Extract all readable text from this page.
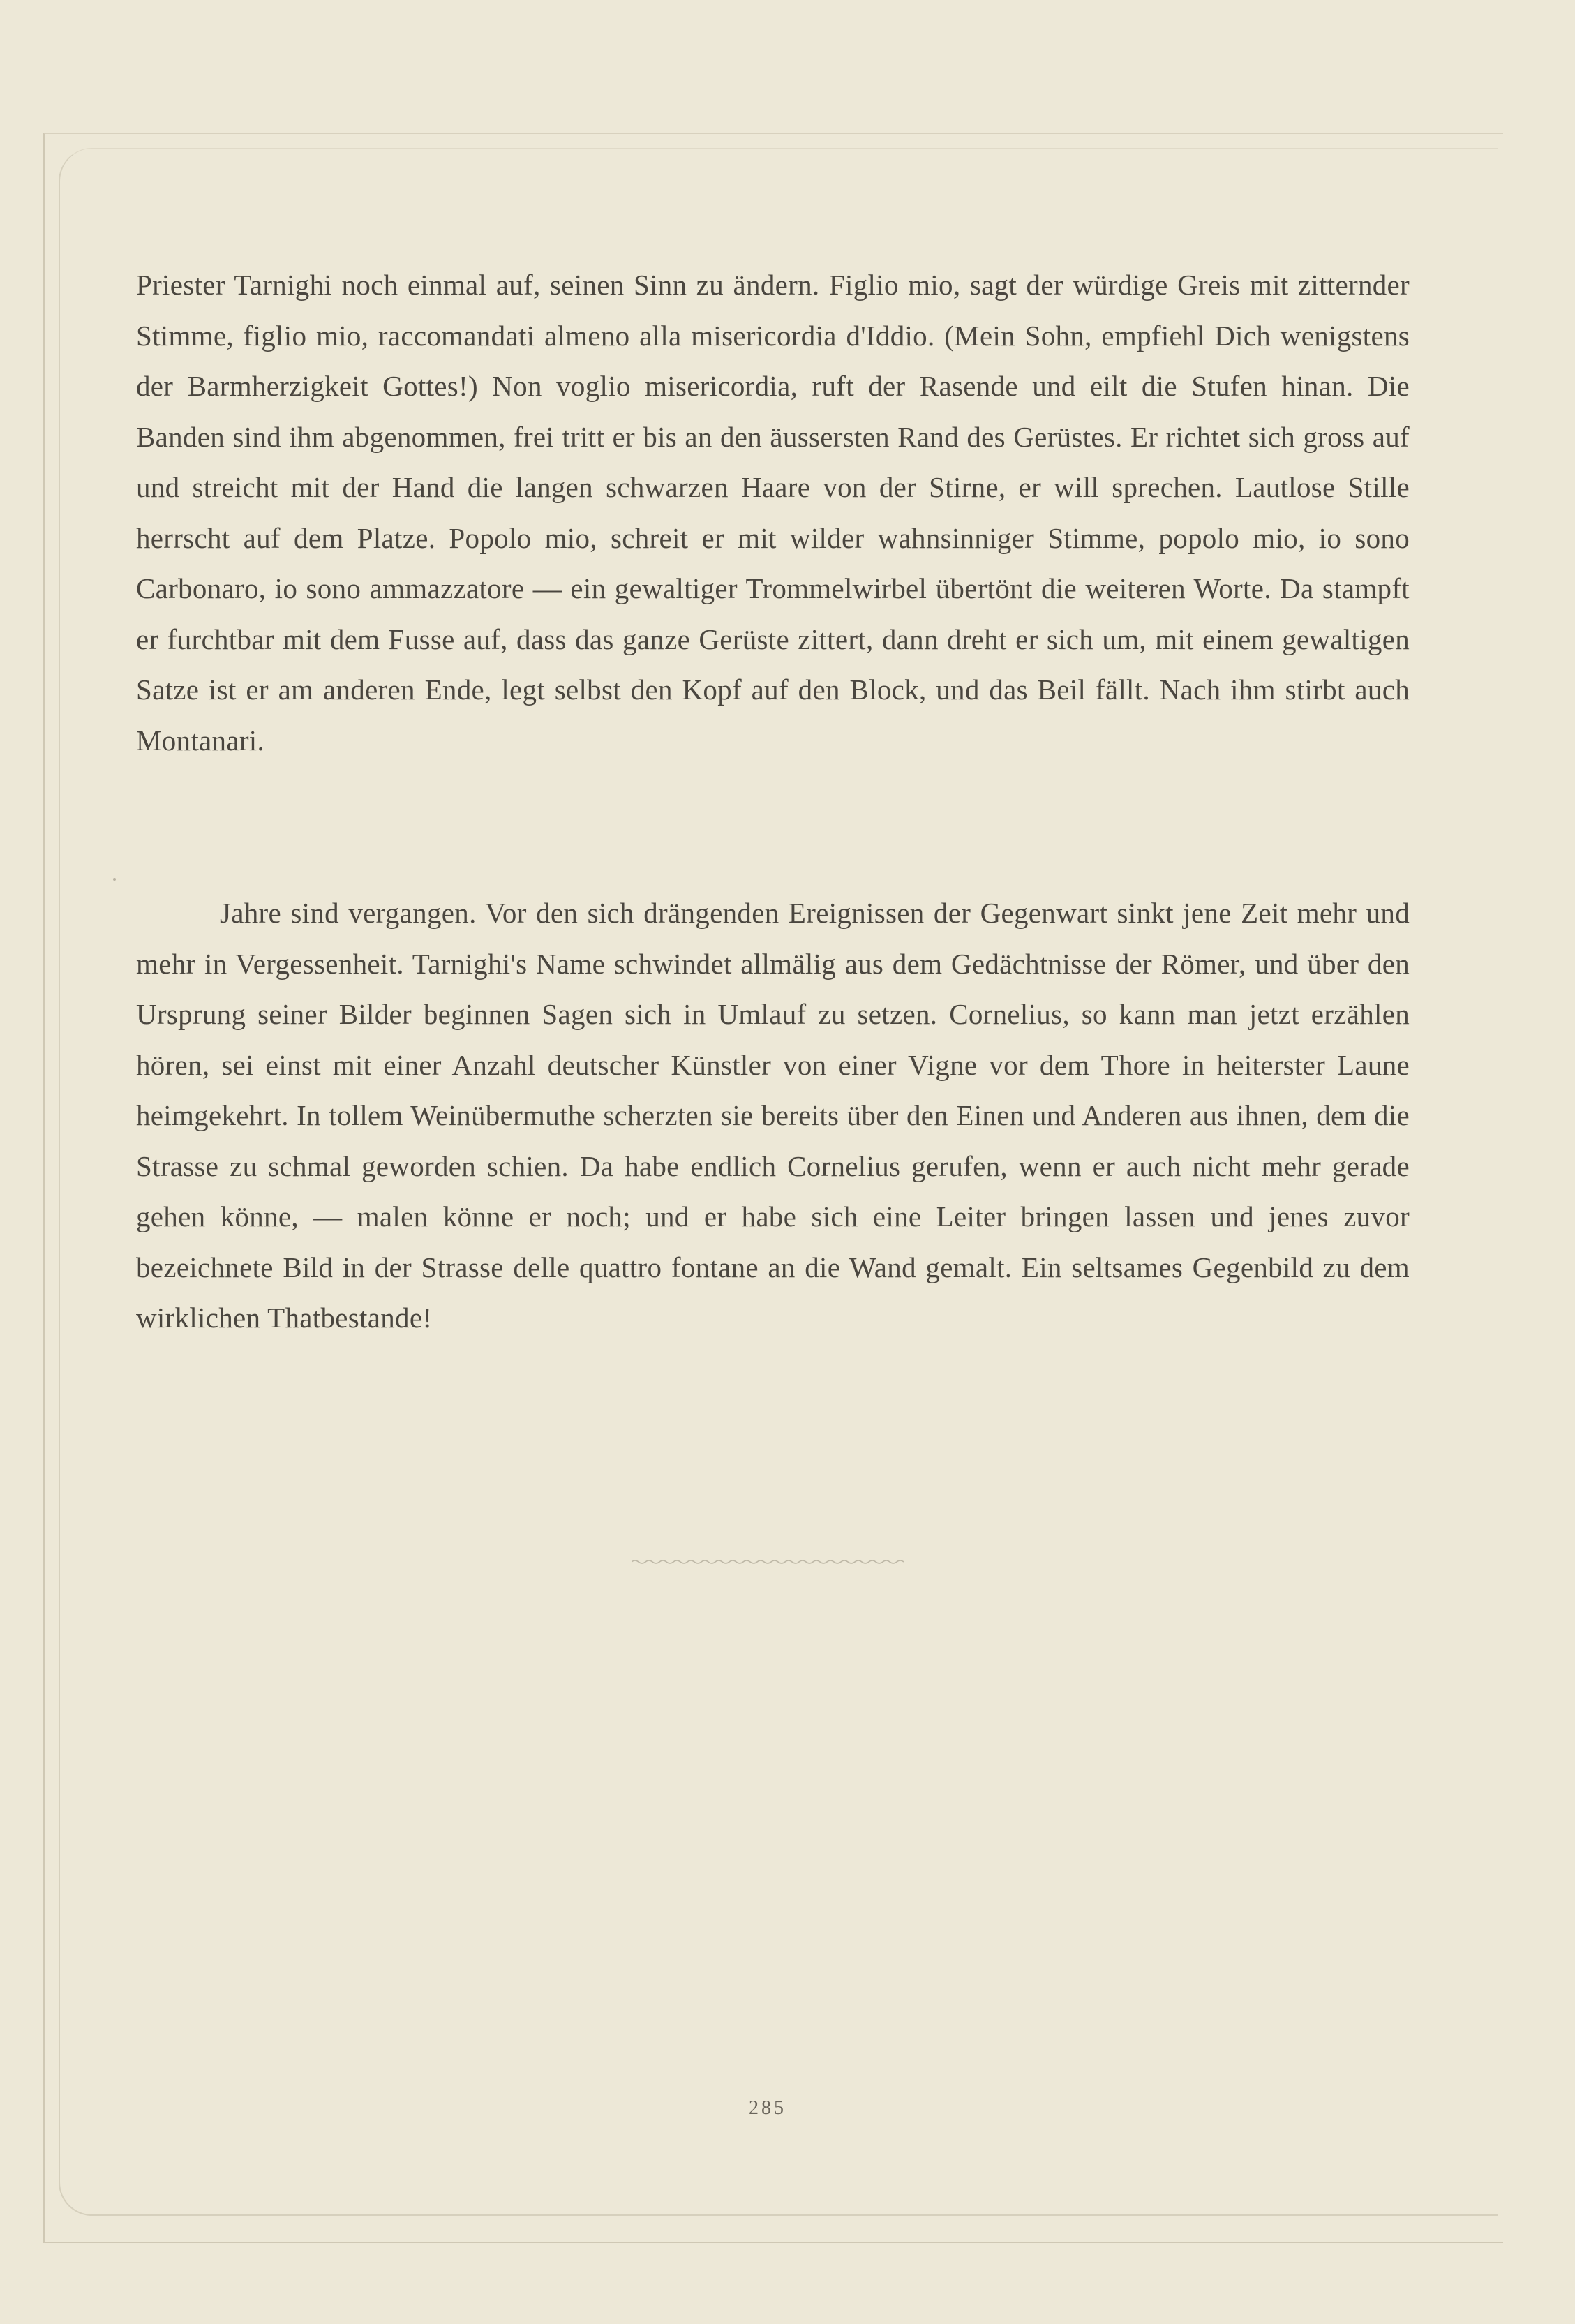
Priester Tarnighi noch einmal auf, seinen Sinn zu ändern. Figlio mio, sagt der würdige Greis mit zitternder Stimme, figlio mio, raccomandati almeno alla misericordia d'Iddio. (Mein Sohn, empfiehl Dich wenigstens der Barmherzigkeit Gottes!) Non voglio misericordia, ruft der Rasende und eilt die Stufen hinan. Die Banden sind ihm abgenommen, frei tritt er bis an den äussersten Rand des Gerüstes. Er richtet sich gross auf und streicht mit der Hand die langen schwarzen Haare von der Stirne, er will sprechen. Lautlose Stille herrscht auf dem Platze. Popolo mio, schreit er mit wilder wahnsinniger Stimme, popolo mio, io sono Carbonaro, io sono ammazzatore — ein gewaltiger Trommelwirbel übertönt die weiteren Worte. Da stampft er furchtbar mit dem Fusse auf, dass das ganze Gerüste zittert, dann dreht er sich um, mit einem gewaltigen Satze ist er am anderen Ende, legt selbst den Kopf auf den Block, und das Beil fällt. Nach ihm stirbt auch Montanari.

Jahre sind vergangen. Vor den sich drängenden Ereignissen der Gegenwart sinkt jene Zeit mehr und mehr in Vergessenheit. Tarnighi's Name schwindet allmälig aus dem Gedächtnisse der Römer, und über den Ursprung seiner Bilder beginnen Sagen sich in Umlauf zu setzen. Cornelius, so kann man jetzt erzählen hören, sei einst mit einer Anzahl deutscher Künstler von einer Vigne vor dem Thore in heiterster Laune heimgekehrt. In tollem Weinübermuthe scherzten sie bereits über den Einen und Anderen aus ihnen, dem die Strasse zu schmal geworden schien. Da habe endlich Cornelius gerufen, wenn er auch nicht mehr gerade gehen könne, — malen könne er noch; und er habe sich eine Leiter bringen lassen und jenes zuvor bezeichnete Bild in der Strasse delle quattro fontane an die Wand gemalt. Ein seltsames Gegenbild zu dem wirklichen Thatbestande!

285
